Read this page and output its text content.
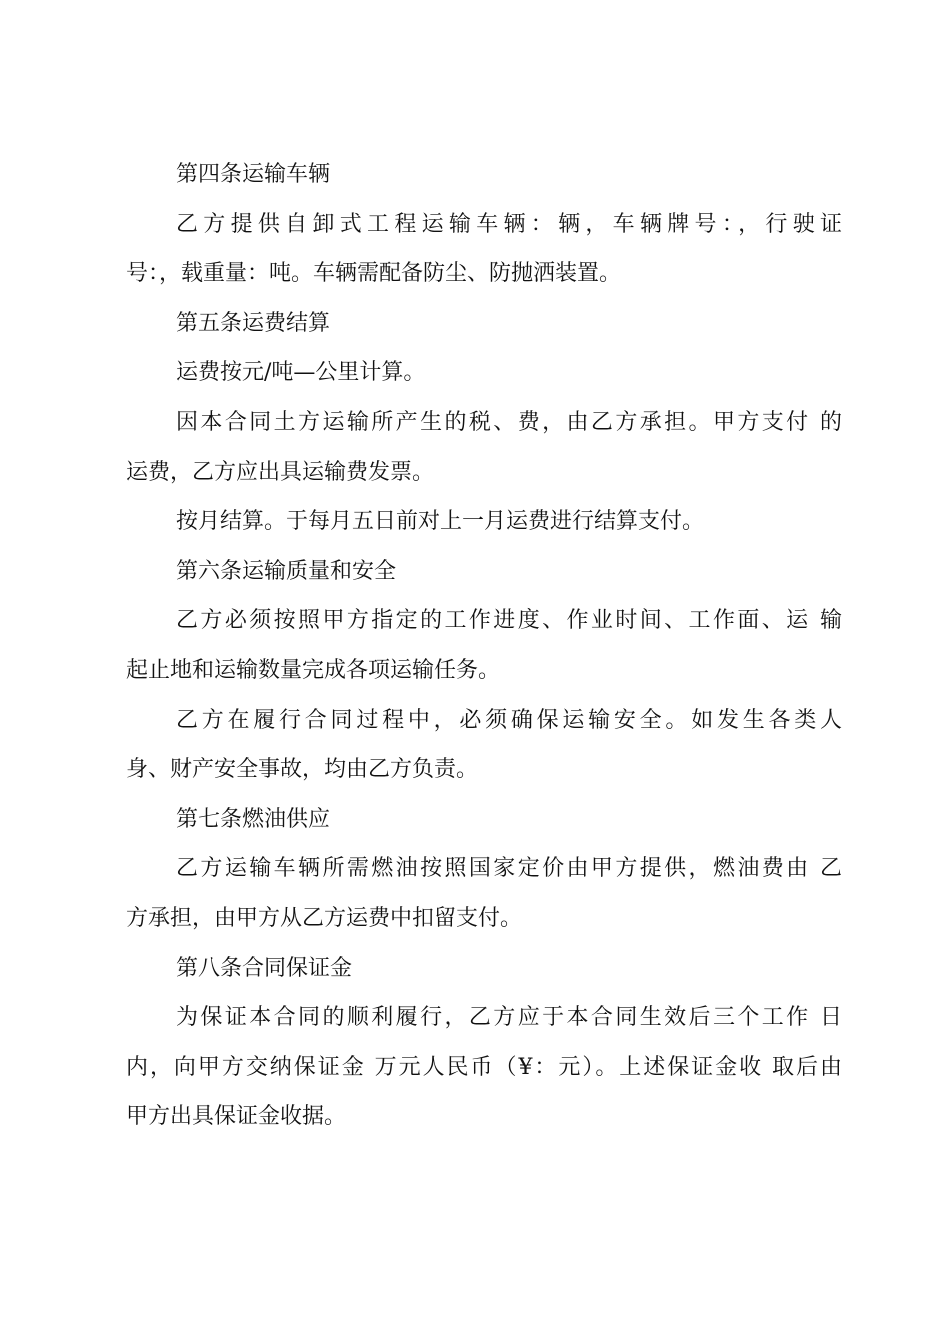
第四条运输车辆
乙方提供自卸式工程运输车辆：辆，车辆牌号：，行驶证
号：，载重量：吨。车辆需配备防尘、防抛洒装置。
第五条运费结算
运费按元/吨—公里计算。
因本合同土方运输所产生的税、费，由乙方承担。甲方支付 的
运费，乙方应出具运输费发票。
按月结算。于每月五日前对上一月运费进行结算支付。
第六条运输质量和安全
乙方必须按照甲方指定的工作进度、作业时间、工作面、运 输
起止地和运输数量完成各项运输任务。
乙方在履行合同过程中，必须确保运输安全。如发生各类人
身、财产安全事故，均由乙方负责。
第七条燃油供应
乙方运输车辆所需燃油按照国家定价由甲方提供，燃油费由 乙
方承担，由甲方从乙方运费中扣留支付。
第八条合同保证金
为保证本合同的顺利履行，乙方应于本合同生效后三个工作 日
内，向甲方交纳保证金 万元人民币（¥：元）。上述保证金收 取后由
甲方出具保证金收据。
